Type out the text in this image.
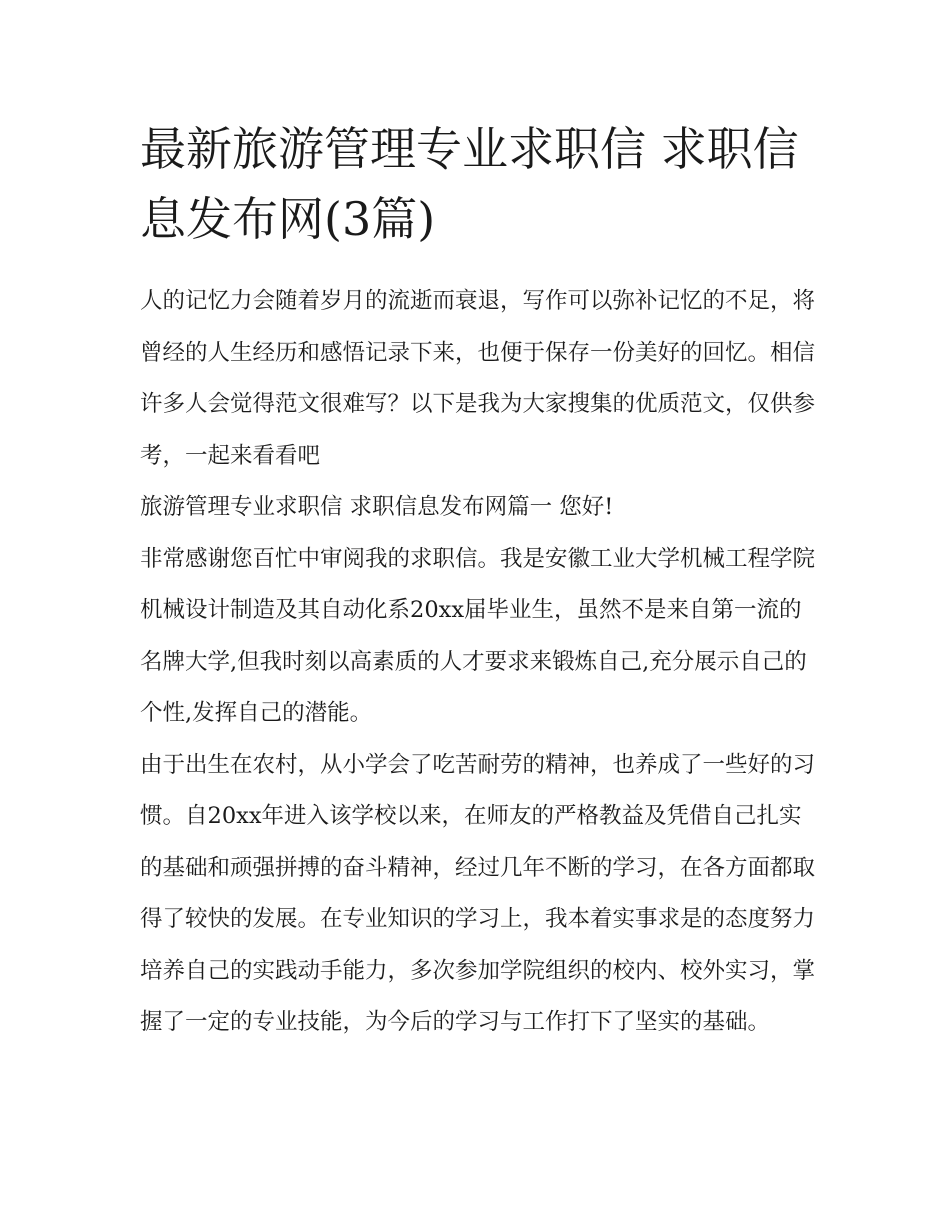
最新旅游管理专业求职信 求职信息发布网(3篇)

人的记忆力会随着岁月的流逝而衰退，写作可以弥补记忆的不足，将曾经的人生经历和感悟记录下来，也便于保存一份美好的回忆。相信许多人会觉得范文很难写？以下是我为大家搜集的优质范文，仅供参考，一起来看看吧

旅游管理专业求职信 求职信息发布网篇一 您好!

非常感谢您百忙中审阅我的求职信。我是安徽工业大学机械工程学院机械设计制造及其自动化系20xx届毕业生，虽然不是来自第一流的名牌大学,但我时刻以高素质的人才要求来锻炼自己,充分展示自己的个性,发挥自己的潜能。

由于出生在农村，从小学会了吃苦耐劳的精神，也养成了一些好的习惯。自20xx年进入该学校以来，在师友的严格教益及凭借自己扎实的基础和顽强拼搏的奋斗精神，经过几年不断的学习，在各方面都取得了较快的发展。在专业知识的学习上，我本着实事求是的态度努力培养自己的实践动手能力，多次参加学院组织的校内、校外实习，掌握了一定的专业技能，为今后的学习与工作打下了坚实的基础。
